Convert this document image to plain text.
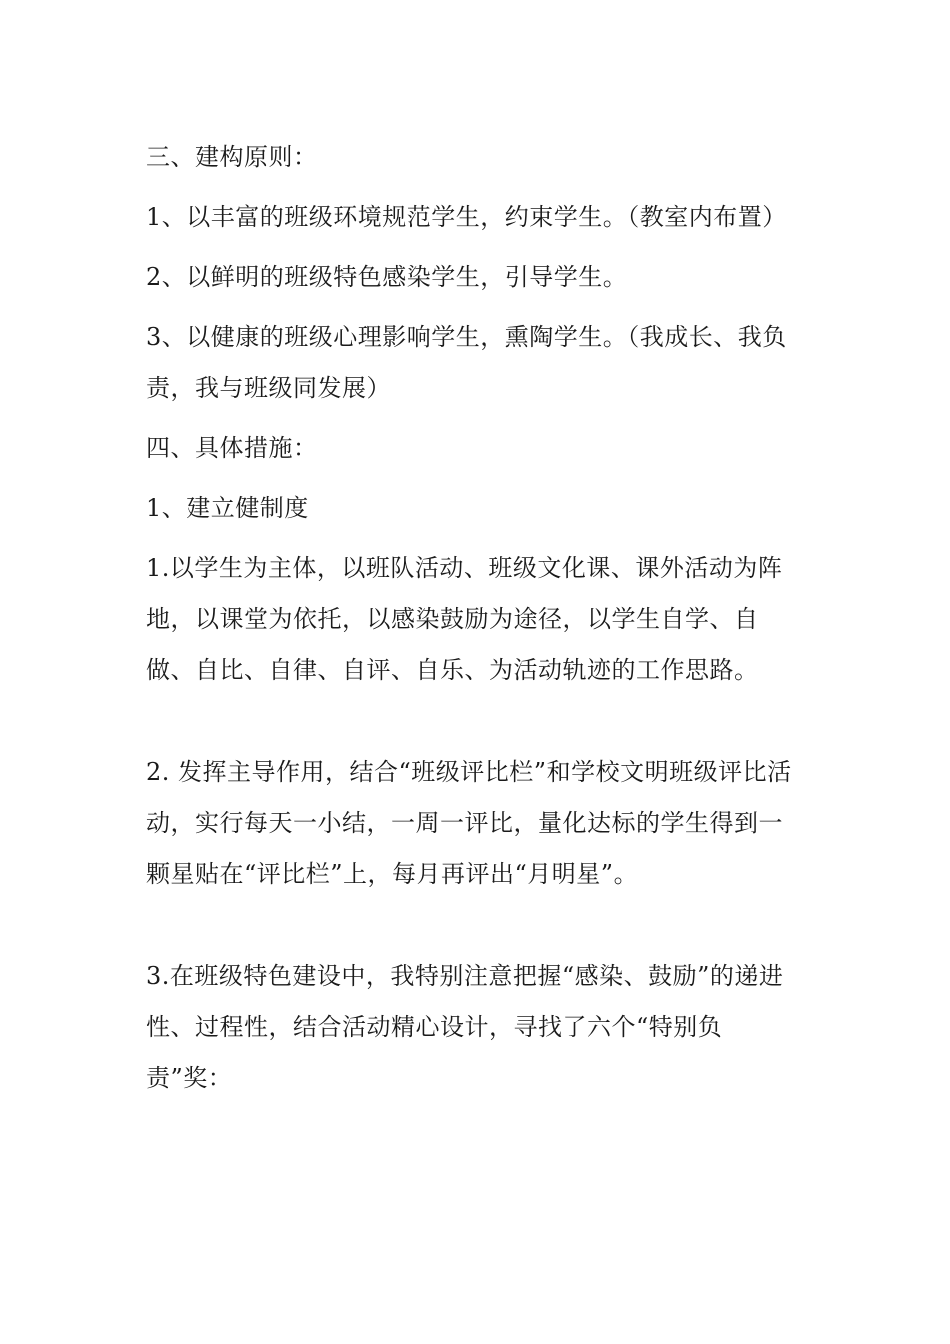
三、建构原则：

1、以丰富的班级环境规范学生，约束学生。（教室内布置）

2、以鲜明的班级特色感染学生，引导学生。

3、以健康的班级心理影响学生，熏陶学生。（我成长、我负责，我与班级同发展）

四、具体措施：

1、建立健制度

1.以学生为主体，以班队活动、班级文化课、课外活动为阵地，以课堂为依托，以感染鼓励为途径，以学生自学、自做、自比、自律、自评、自乐、为活动轨迹的工作思路。

2. 发挥主导作用，结合“班级评比栏”和学校文明班级评比活动，实行每天一小结，一周一评比，量化达标的学生得到一颗星贴在“评比栏”上，每月再评出“月明星”。

3.在班级特色建设中，我特别注意把握“感染、鼓励”的递进性、过程性，结合活动精心设计，寻找了六个“特别负责”奖：
